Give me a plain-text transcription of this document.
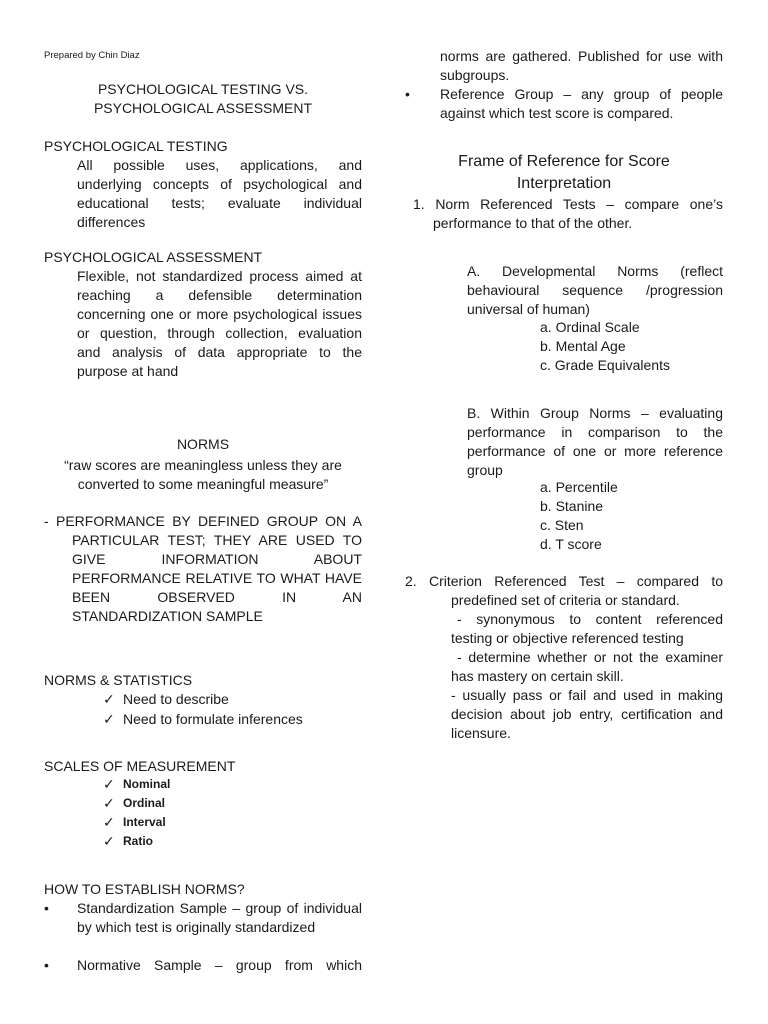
Prepared by Chin Diaz
PSYCHOLOGICAL TESTING VS.
PSYCHOLOGICAL ASSESSMENT
PSYCHOLOGICAL TESTING
All possible uses, applications, and underlying concepts of psychological and educational tests; evaluate individual differences
PSYCHOLOGICAL ASSESSMENT
Flexible, not standardized process aimed at reaching a defensible determination concerning one or more psychological issues or question, through collection, evaluation and analysis of data appropriate to the purpose at hand
NORMS
“raw scores are meaningless unless they are converted to some meaningful measure”
- PERFORMANCE BY DEFINED GROUP ON A PARTICULAR TEST; THEY ARE USED TO GIVE INFORMATION ABOUT PERFORMANCE RELATIVE TO WHAT HAVE BEEN OBSERVED IN AN STANDARDIZATION SAMPLE
NORMS & STATISTICS
✓ Need to describe
✓ Need to formulate inferences
SCALES OF MEASUREMENT
✓ Nominal
✓ Ordinal
✓ Interval
✓ Ratio
HOW TO ESTABLISH NORMS?
• Standardization Sample – group of individual by which test is originally standardized
• Normative Sample – group from which
norms are gathered. Published for use with subgroups.
• Reference Group – any group of people against which test score is compared.
Frame of Reference for Score
Interpretation
1. Norm Referenced Tests – compare one’s performance to that of the other.
A. Developmental Norms (reflect behavioural sequence /progression universal of human)
a. Ordinal Scale
b. Mental Age
c. Grade Equivalents
B. Within Group Norms – evaluating performance in comparison to the performance of one or more reference group
a. Percentile
b. Stanine
c. Sten
d. T score
2. Criterion Referenced Test – compared to
predefined set of criteria or standard.
- synonymous to content referenced testing or objective referenced testing
- determine whether or not the examiner has mastery on certain skill.
- usually pass or fail and used in making decision about job entry, certification and licensure.
